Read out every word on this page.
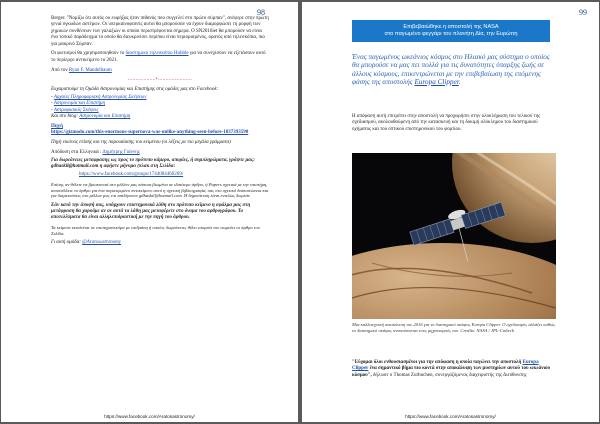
98

Berger. "Νομίζω ότι αυτός ου εωρήξας ήταν πιθανός που συγγελεί στο πρώτο σύμπαν", ανέφερε στην πρώτη γενιά ογκωδών αστέρων. Οι υπερκαινοφανείς αυτοί θα μπορούσαν να έχουν διαμορφώσει τη μορφή των χημικών συνθέσεων των γαλαξιών οι οποίοι περιστρέφονται σήμερα. Ο SN2016iet θα μπορούσε να είναι ένα τοπικό παράδειγμα το οποίο θα διευκρινίσει περίπου είναι περιορισμένος, ορατός από τηλεσκόπια, πιο για μακρινό Σύμπαν.

Οι φωτισμοί θα χρησιμοποιηθούν το διαστημικό τηλεσκόπιο Hubble για να συνεχίσουν να εξετάσουν αυτό το περίεργο αντικείμενο το 2021.

Από τον Ryan F. Mandelbaum

..................•......................

Ευχαριστούμε τη Ομάδα Αστρονομίας και Επιστήμης στις ομάδες μας στο Facebook:

- Αρχαίες Πληροφοριακή Αστρονομίας Σκέψεων
- Αστρονομία και Επιστήμη
- Αστροφυσικές Σκέψεις
Και στο blog: Αστρονομία και Επιστήμη

Πηγή
https://gizmodo.com/this-enormous-supernova-was-unlike-anything-seen-before-1837393590

Πηγή εικόνας επίσης και της παρουσίασης του κειμένου (οι λέξεις με πιο μεγάλα γράμματα)

Απόδοση στα Ελληνικά : Δημήτρης Γιάννης

Για δωρεάνειες μεταφρασης ως προς το πρότυπο κάμερο, απορίες, ή συμπληρώματα, γράψτε μας: gdhaskil@hotmail.com η αφήστε μήνυμα (πλακ στη Σελίδα:

https://www.facebook.com/groups/1744084460269/

Επίσης αν θέλετε να βρισκονταί στο μέλλον μας κάποια βιωμένα σε ιδιαίτερο άρθρο, ή Papers σχετικά με την επιστήμη, αποστέλλετε το άρθρο για ένα συγκεκριμένο αντικείμενο αυτό η σχετική βιβλιογραφία, σας στο σχετικό διαπιστώνεια και για διαμεταύσεις στο μέλλον μας επι παιδέρεσον gdhaskil@hotmail.com. Η δημοσίευση είναι εντελώς δωρεάν

Εάν κατά την άποψή σας, υπάρχουν επιστημονικά λάθη στο πρότυπο κείμενο η σφάλμα μας στη μετάφραση θα χαρούμε αν σε αυτά τα λάθη μας μεταφέρετε στο όνομα του αρθρογράφου. Το αποτελέσματα θα είναι αλληλεπιδραστική με την πηγή του άρθρου.

Τα κείμενα εκτελείται σε επιστημονικόμα με επιδράση ή οποίος δωρεάνειες θέλει επορεία του σωρεύει το άρθρο του Σελίδα.

Γι αυτή ομάδα: @Aratosastronomy

https://www.facebook.com/Aratosastronomy/
99
Επιβεβαιώθηκε η αποστολή της NASA
στο παγωμένο φεγγάρι του πλανήτη Δία, την Ευρώπη
Ένας παγωμένος ωκεάνιος κόσμος στο Ηλιακό μας σύστημα ο οποίος θα μπορούσε να μας πει πολλά για τις δυνατότητες ύπαρξης ζωής σε άλλους κόσμους, επικεντρώνεται με την επιβεβαίωση της επόμενης φάσης της αποστολής Europa Clipper.
Η απόφαση αυτή επιτρέπει στην αποστολή να προχωρήσει στην ολοκλήρωση του τελικού της σχεδιασμού, ακολουθούμενη από την κατασκευή και τη δοκιμή ολόκληρου του διαστημικού οχήματος και του οπτικού επιστημονικού του φορτίου.
Μια καλλιτεχνική απεικόνιση του 2016 για το διαστημικό σκάφος Europa Clipper. Ο σχεδιασμός αλλάζει καθώς το διαστημικό σκάφος αναπτύσσεται τους μηχανισμούς του. Credits: NASA / JPL-Caltech
"Εύχομαι όλοι ενθουσιασμένοι για την απόφαση η οποία παγώνει την αποστολή Europa Clipper ένα σημαντικό βήμα πιο κοντά στην αποκάλυψη των μυστηρίων αυτού του ωκεάνιου κόσμου", δήλωσε ο Thomas Zurbuchen, συνεργαζόμενος διαχειριστής της Διεύθυνσης
https://www.facebook.com/Aratosastronomy/
